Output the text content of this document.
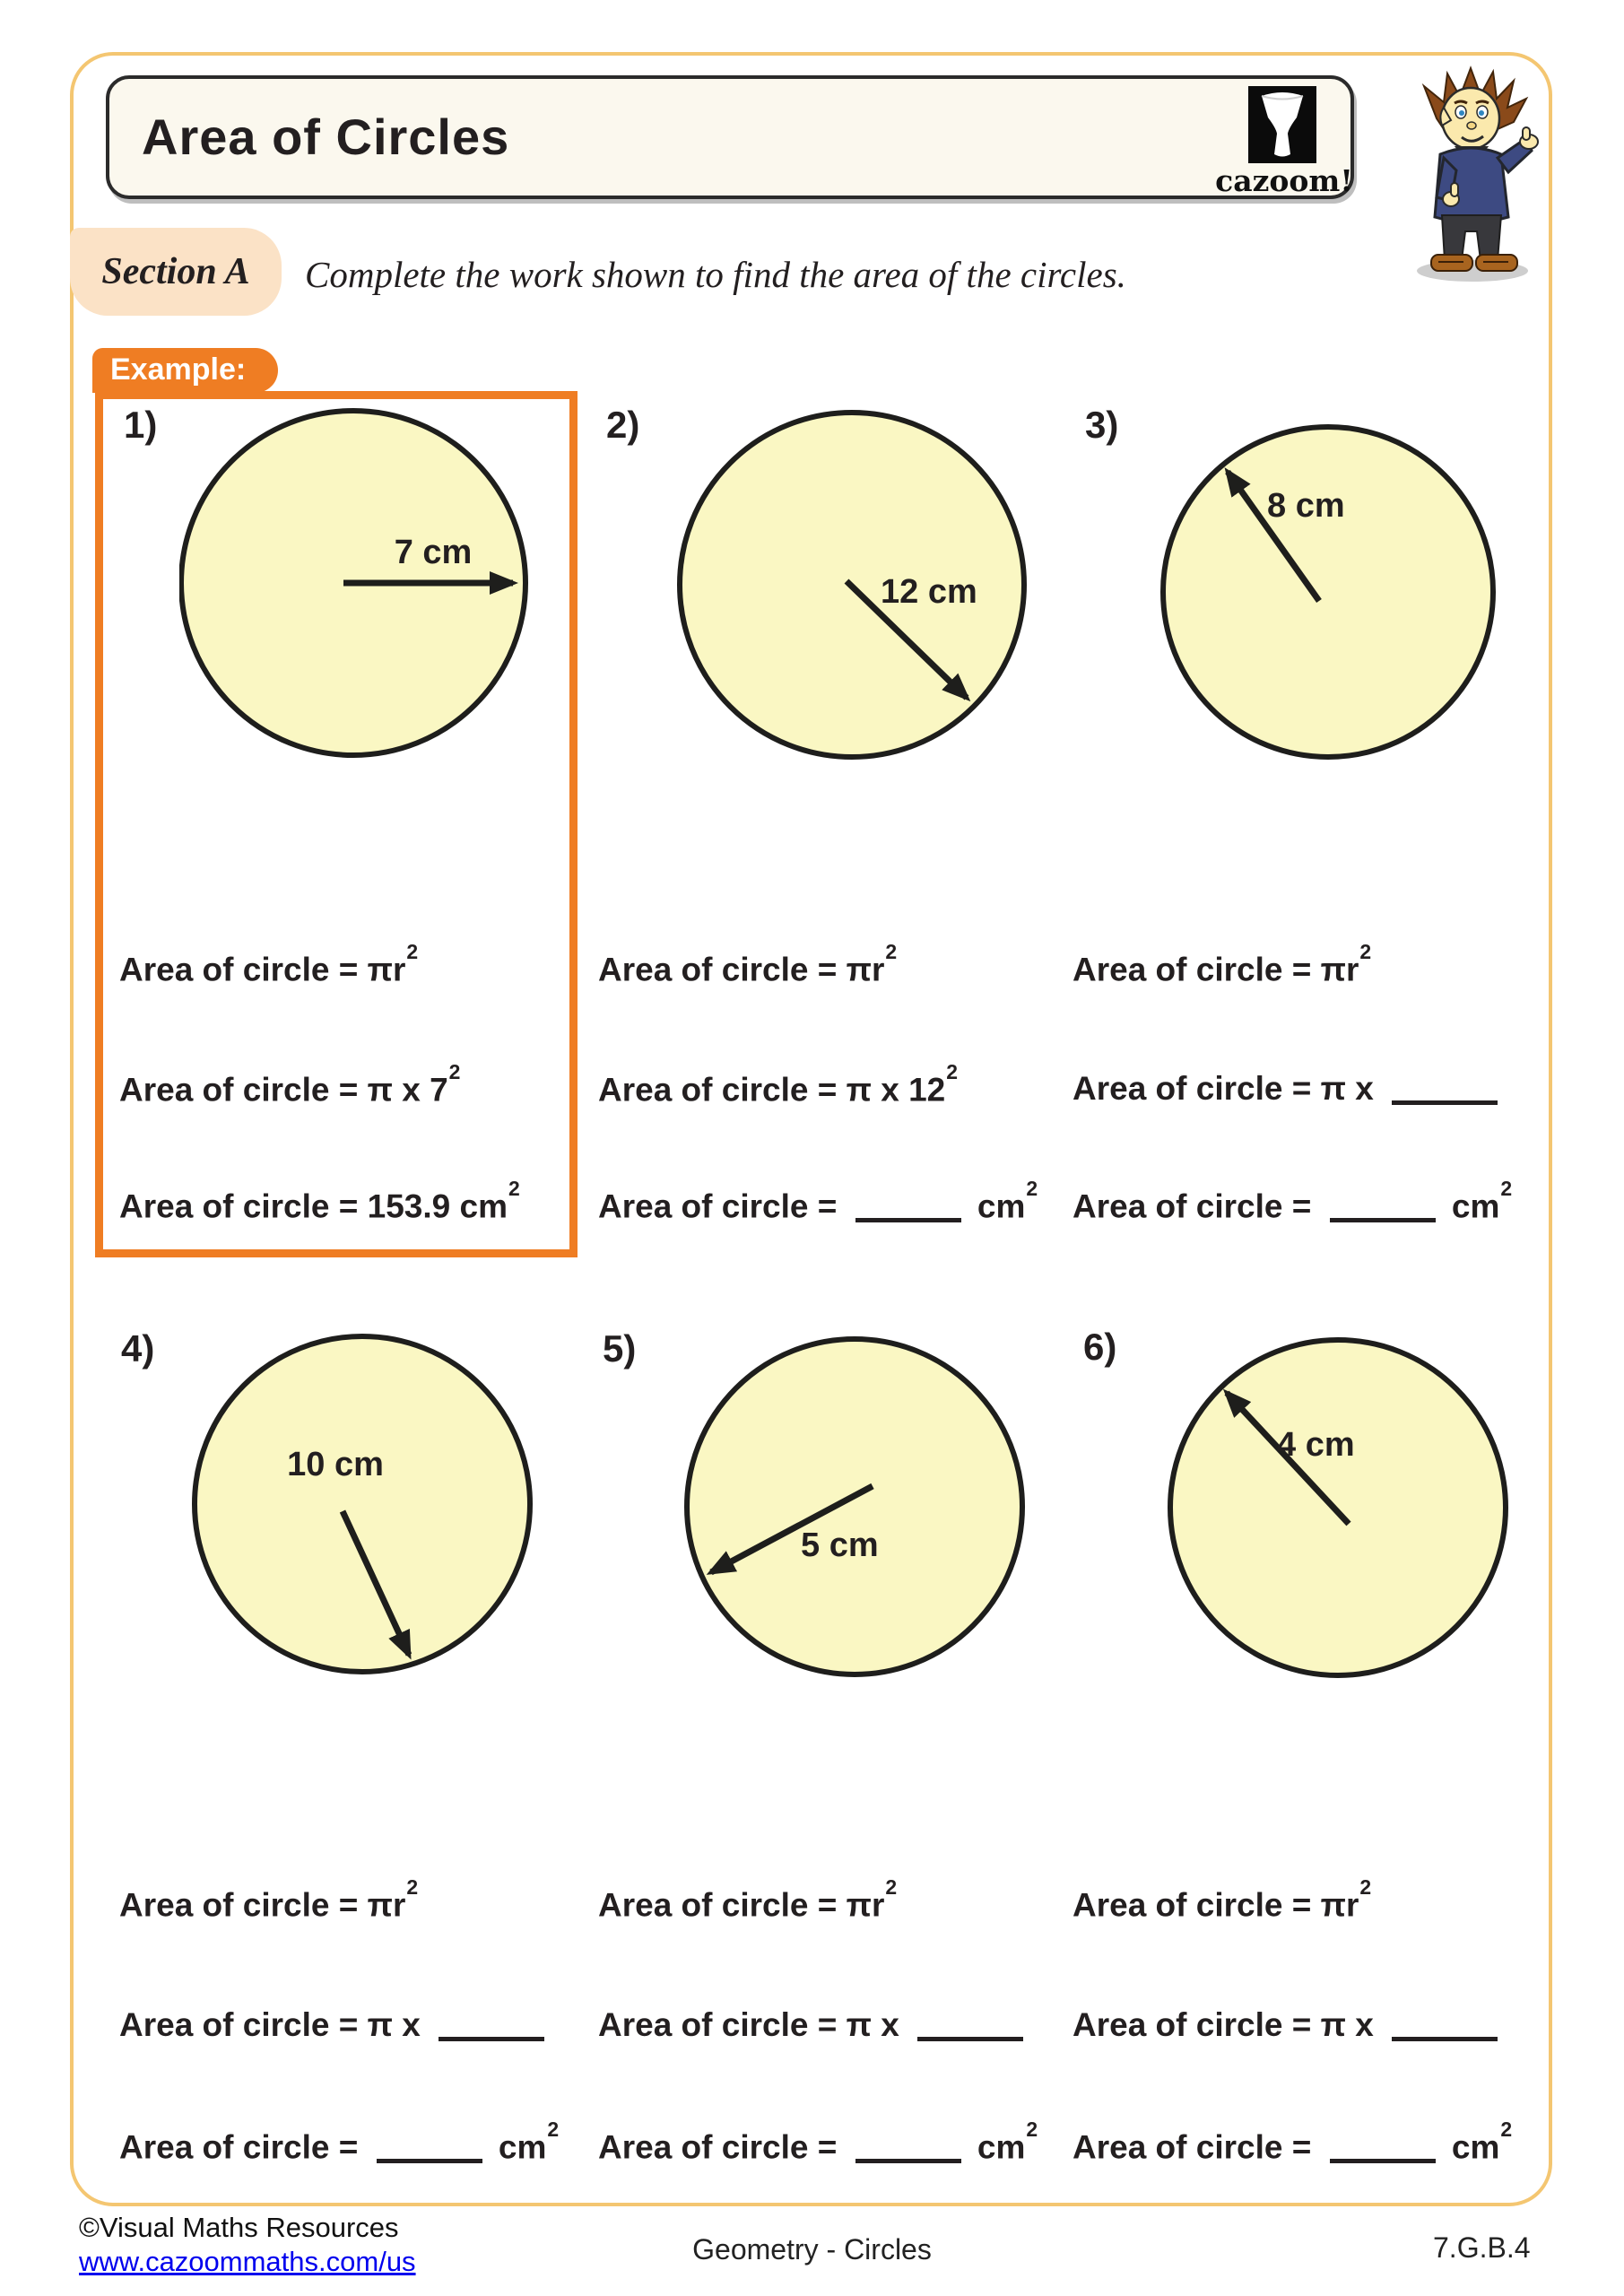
Area of Circles
cazoom!
Section A	Complete the work shown to find the area of the circles.
Example:
©Visual Maths Resources
www.cazoommaths.com/us	Geometry - Circles	7.G.B.4
1)
7 cm
Area of circle = $\pi r^2$
Area of circle = π x $7^2$
Area of circle = 153.9 $cm^2$
2)
12 cm
Area of circle = $\pi r^2$
Area of circle = π x $12^2$
Area of circle =	$cm^2$
3)
8 cm
Area of circle = $\pi r^2$
Area of circle = π x
Area of circle =	$cm^2$
4)
10 cm
Area of circle = $\pi r^2$
Area of circle = π x
Area of circle =	$cm^2$
5)
5 cm
Area of circle = $\pi r^2$
Area of circle = π x
Area of circle =	$cm^2$
6)
4 cm
Area of circle = $\pi r^2$
Area of circle = π x
Area of circle =	$cm^2$
